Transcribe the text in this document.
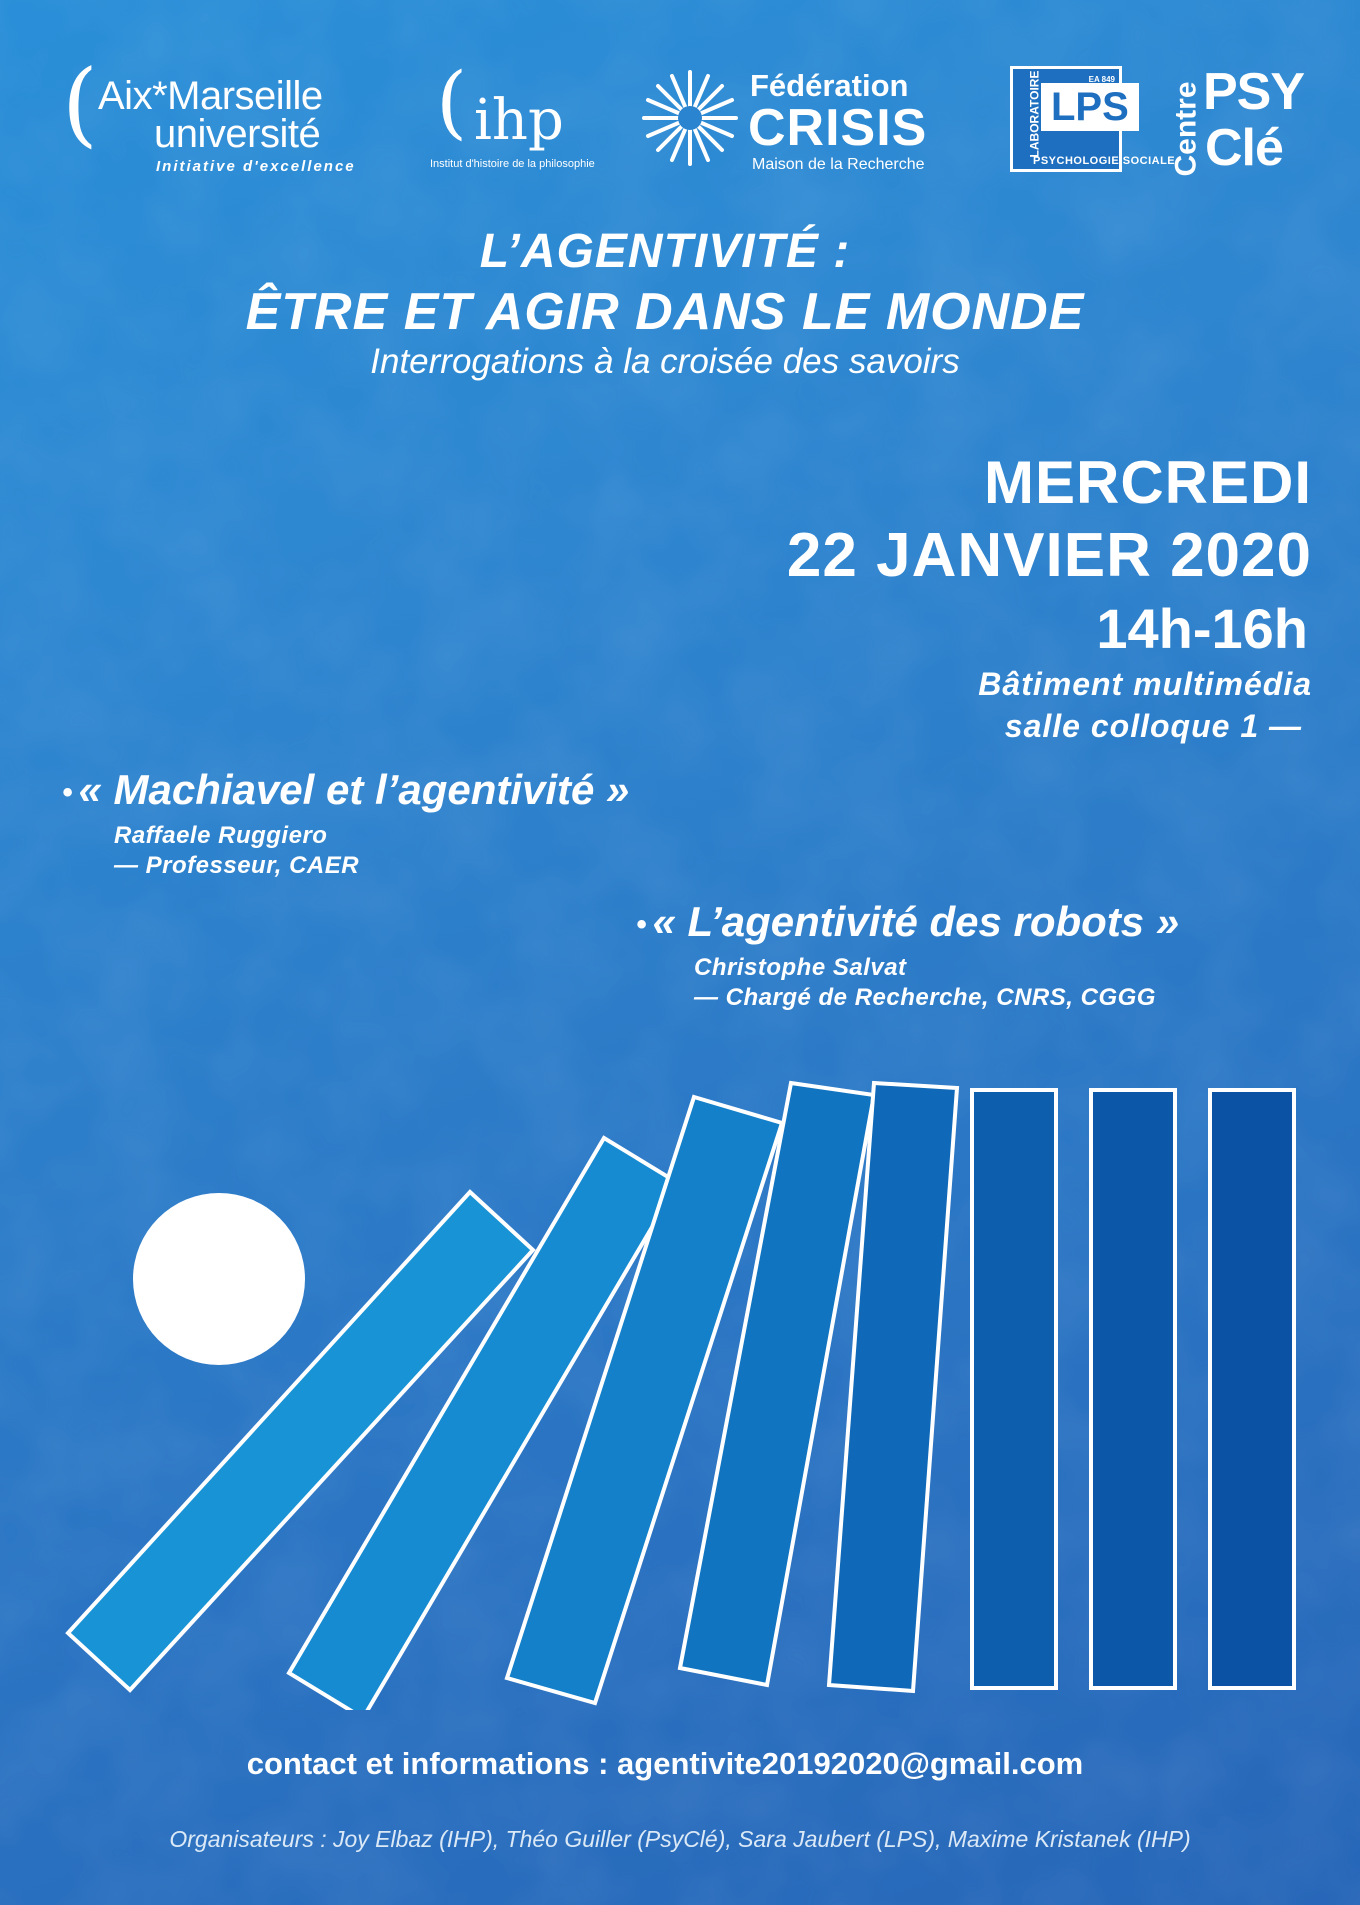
( Aix*Marseille
université
Initiative d'excellence
( ihp
Institut d'histoire de la philosophie
Fédération
CRISIS
Maison de la Recherche
LABORATOIRE LPS
EA 849
PSYCHOLOGIE SOCIALE
Centre PSY
Clé
L’AGENTIVITÉ :
ÊTRE ET AGIR DANS LE MONDE
Interrogations à la croisée des savoirs
MERCREDI
22 JANVIER 2020
14h-16h
Bâtiment multimédia
salle colloque 1 —
• « Machiavel et l’agentivité »
Raffaele Ruggiero
— Professeur, CAER
• « L’agentivité des robots »
Christophe Salvat
— Chargé de Recherche, CNRS, CGGG
contact et informations : agentivite20192020@gmail.com
Organisateurs : Joy Elbaz (IHP), Théo Guiller (PsyClé), Sara Jaubert (LPS), Maxime Kristanek (IHP)
